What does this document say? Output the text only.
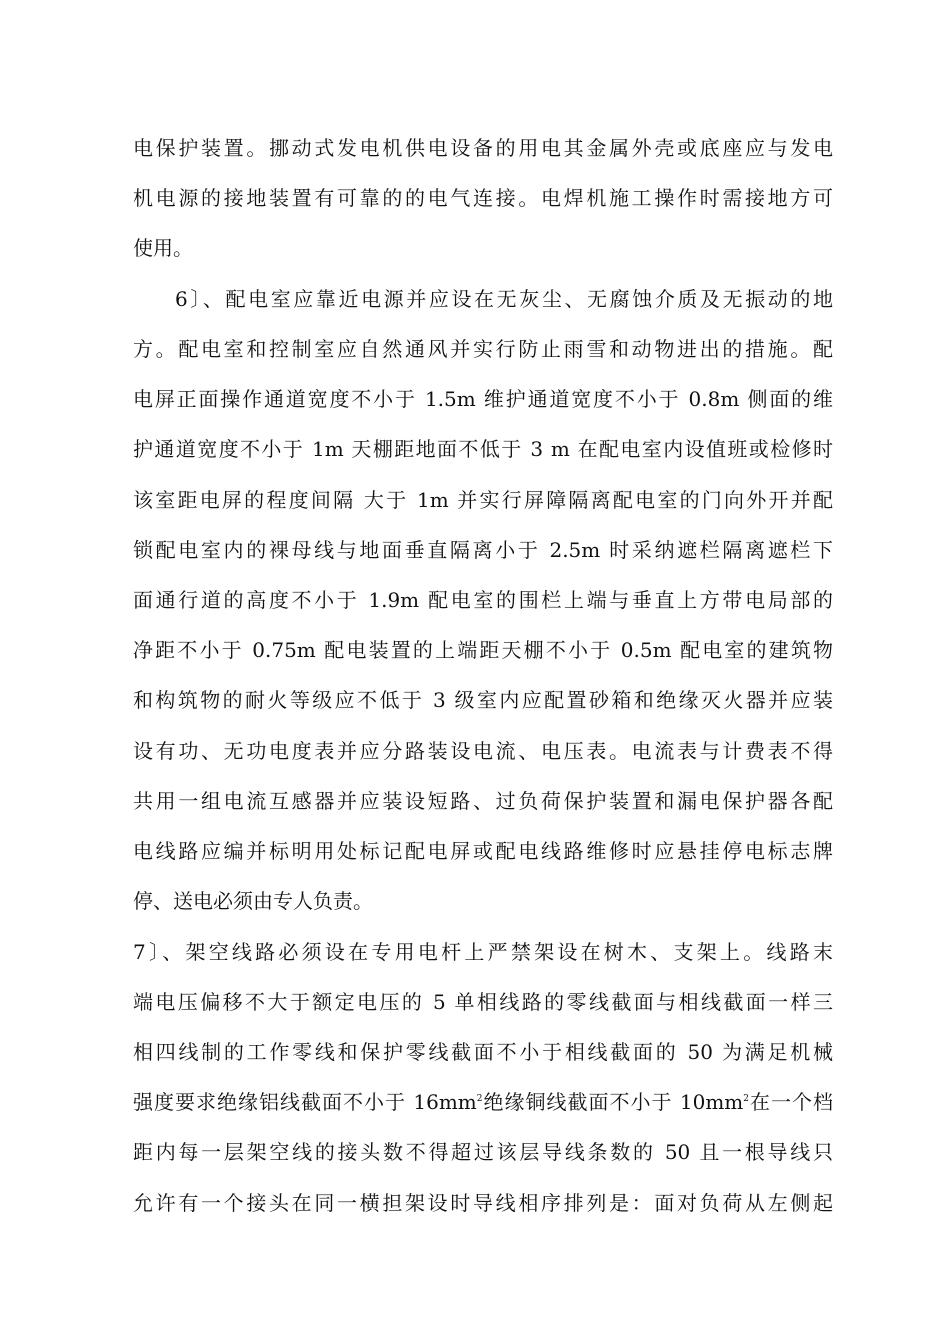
电保护装置。挪动式发电机供电设备的用电其金属外壳或底座应与发电
机电源的接地装置有可靠的的电气连接。电焊机施工操作时需接地方可
使用。
6〕、配电室应靠近电源并应设在无灰尘、无腐蚀介质及无振动的地
方。配电室和控制室应自然通风并实行防止雨雪和动物进出的措施。配
电屏正面操作通道宽度不小于 1.5m 维护通道宽度不小于 0.8m 侧面的维
护通道宽度不小于 1m 天棚距地面不低于 3 m 在配电室内设值班或检修时
该室距电屏的程度间隔 大于 1m 并实行屏障隔离配电室的门向外开并配
锁配电室内的裸母线与地面垂直隔离小于 2.5m 时采纳遮栏隔离遮栏下
面通行道的高度不小于 1.9m 配电室的围栏上端与垂直上方带电局部的
净距不小于 0.75m 配电装置的上端距天棚不小于 0.5m 配电室的建筑物
和构筑物的耐火等级应不低于 3 级室内应配置砂箱和绝缘灭火器并应装
设有功、无功电度表并应分路装设电流、电压表。电流表与计费表不得
共用一组电流互感器并应装设短路、过负荷保护装置和漏电保护器各配
电线路应编并标明用处标记配电屏或配电线路维修时应悬挂停电标志牌
停、送电必须由专人负责。
7〕、架空线路必须设在专用电杆上严禁架设在树木、支架上。线路末
端电压偏移不大于额定电压的 5 单相线路的零线截面与相线截面一样三
相四线制的工作零线和保护零线截面不小于相线截面的 50 为满足机械
强度要求绝缘铝线截面不小于 $16mm^2$绝缘铜线截面不小于 $10mm^2$在一个档
距内每一层架空线的接头数不得超过该层导线条数的 50 且一根导线只
允许有一个接头在同一横担架设时导线相序排列是：面对负荷从左侧起
